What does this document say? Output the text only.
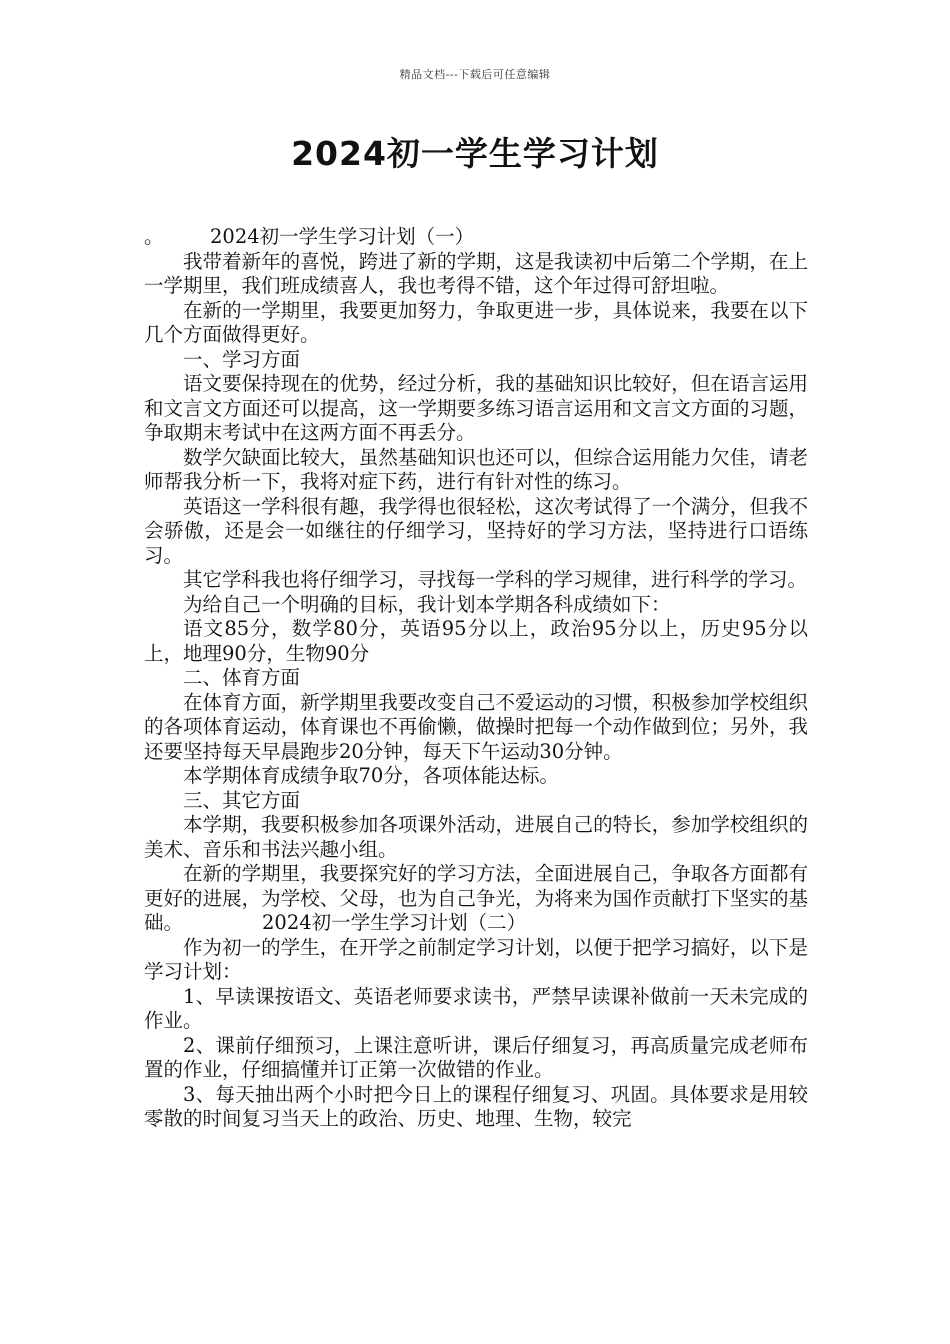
精品文档---下载后可任意编辑
2024初一学生学习计划

。 2024初一学生学习计划（一）

我带着新年的喜悦，跨进了新的学期，这是我读初中后第二个学期，在上一学期里，我们班成绩喜人，我也考得不错，这个年过得可舒坦啦。

在新的一学期里，我要更加努力，争取更进一步，具体说来，我要在以下几个方面做得更好。

一、学习方面

语文要保持现在的优势，经过分析，我的基础知识比较好，但在语言运用和文言文方面还可以提高，这一学期要多练习语言运用和文言文方面的习题，争取期末考试中在这两方面不再丢分。

数学欠缺面比较大，虽然基础知识也还可以，但综合运用能力欠佳，请老师帮我分析一下，我将对症下药，进行有针对性的练习。

英语这一学科很有趣，我学得也很轻松，这次考试得了一个满分，但我不会骄傲，还是会一如继往的仔细学习，坚持好的学习方法，坚持进行口语练习。

其它学科我也将仔细学习，寻找每一学科的学习规律，进行科学的学习。

为给自己一个明确的目标，我计划本学期各科成绩如下：

语文85分，数学80分，英语95分以上，政治95分以上，历史95分以上，地理90分，生物90分

二、体育方面

在体育方面，新学期里我要改变自己不爱运动的习惯，积极参加学校组织的各项体育运动，体育课也不再偷懒，做操时把每一个动作做到位；另外，我还要坚持每天早晨跑步20分钟，每天下午运动30分钟。

本学期体育成绩争取70分，各项体能达标。

三、其它方面

本学期，我要积极参加各项课外活动，进展自己的特长，参加学校组织的美术、音乐和书法兴趣小组。

在新的学期里，我要探究好的学习方法，全面进展自己，争取各方面都有更好的进展，为学校、父母，也为自己争光，为将来为国作贡献打下坚实的基础。	2024初一学生学习计划（二）

作为初一的学生，在开学之前制定学习计划，以便于把学习搞好，以下是学习计划：

1、早读课按语文、英语老师要求读书，严禁早读课补做前一天未完成的作业。

2、课前仔细预习，上课注意听讲，课后仔细复习，再高质量完成老师布置的作业，仔细搞懂并订正第一次做错的作业。

3、每天抽出两个小时把今日上的课程仔细复习、巩固。具体要求是用较零散的时间复习当天上的政治、历史、地理、生物，较完
